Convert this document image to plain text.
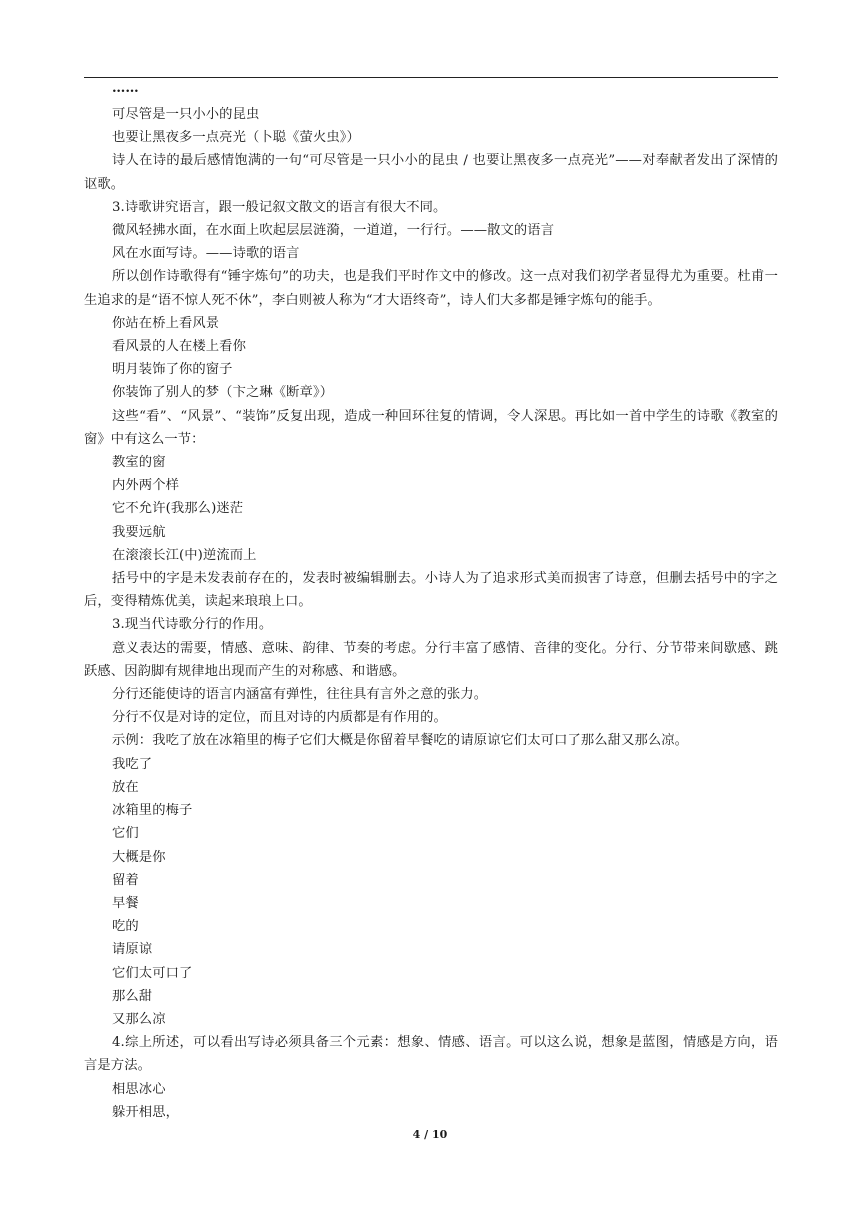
……

可尽管是一只小小的昆虫

也要让黑夜多一点亮光（卜聪《萤火虫》）

诗人在诗的最后感情饱满的一句“可尽管是一只小小的昆虫 / 也要让黑夜多一点亮光”——对奉献者发出了深情的讴歌。

3.诗歌讲究语言，跟一般记叙文散文的语言有很大不同。

微风轻拂水面，在水面上吹起层层涟漪，一道道，一行行。——散文的语言

风在水面写诗。——诗歌的语言

所以创作诗歌得有“锤字炼句”的功夫，也是我们平时作文中的修改。这一点对我们初学者显得尤为重要。杜甫一生追求的是“语不惊人死不休”，李白则被人称为“才大语终奇”，诗人们大多都是锤字炼句的能手。

你站在桥上看风景

看风景的人在楼上看你

明月装饰了你的窗子

你装饰了别人的梦（卞之琳《断章》）

这些“看”、“风景”、“装饰”反复出现，造成一种回环往复的情调，令人深思。再比如一首中学生的诗歌《教室的窗》中有这么一节：

教室的窗

内外两个样

它不允许(我那么)迷茫

我要远航

在滚滚长江(中)逆流而上

括号中的字是未发表前存在的，发表时被编辑删去。小诗人为了追求形式美而损害了诗意，但删去括号中的字之后，变得精炼优美，读起来琅琅上口。

3.现当代诗歌分行的作用。

意义表达的需要，情感、意味、韵律、节奏的考虑。分行丰富了感情、音律的变化。分行、分节带来间歇感、跳跃感、因韵脚有规律地出现而产生的对称感、和谐感。

分行还能使诗的语言内涵富有弹性，往往具有言外之意的张力。

分行不仅是对诗的定位，而且对诗的内质都是有作用的。

示例：我吃了放在冰箱里的梅子它们大概是你留着早餐吃的请原谅它们太可口了那么甜又那么凉。

我吃了

放在

冰箱里的梅子

它们

大概是你

留着

早餐

吃的

请原谅

它们太可口了

那么甜

又那么凉

4.综上所述，可以看出写诗必须具备三个元素：想象、情感、语言。可以这么说，想象是蓝图，情感是方向，语言是方法。

相思冰心

躲开相思，

4 / 10
